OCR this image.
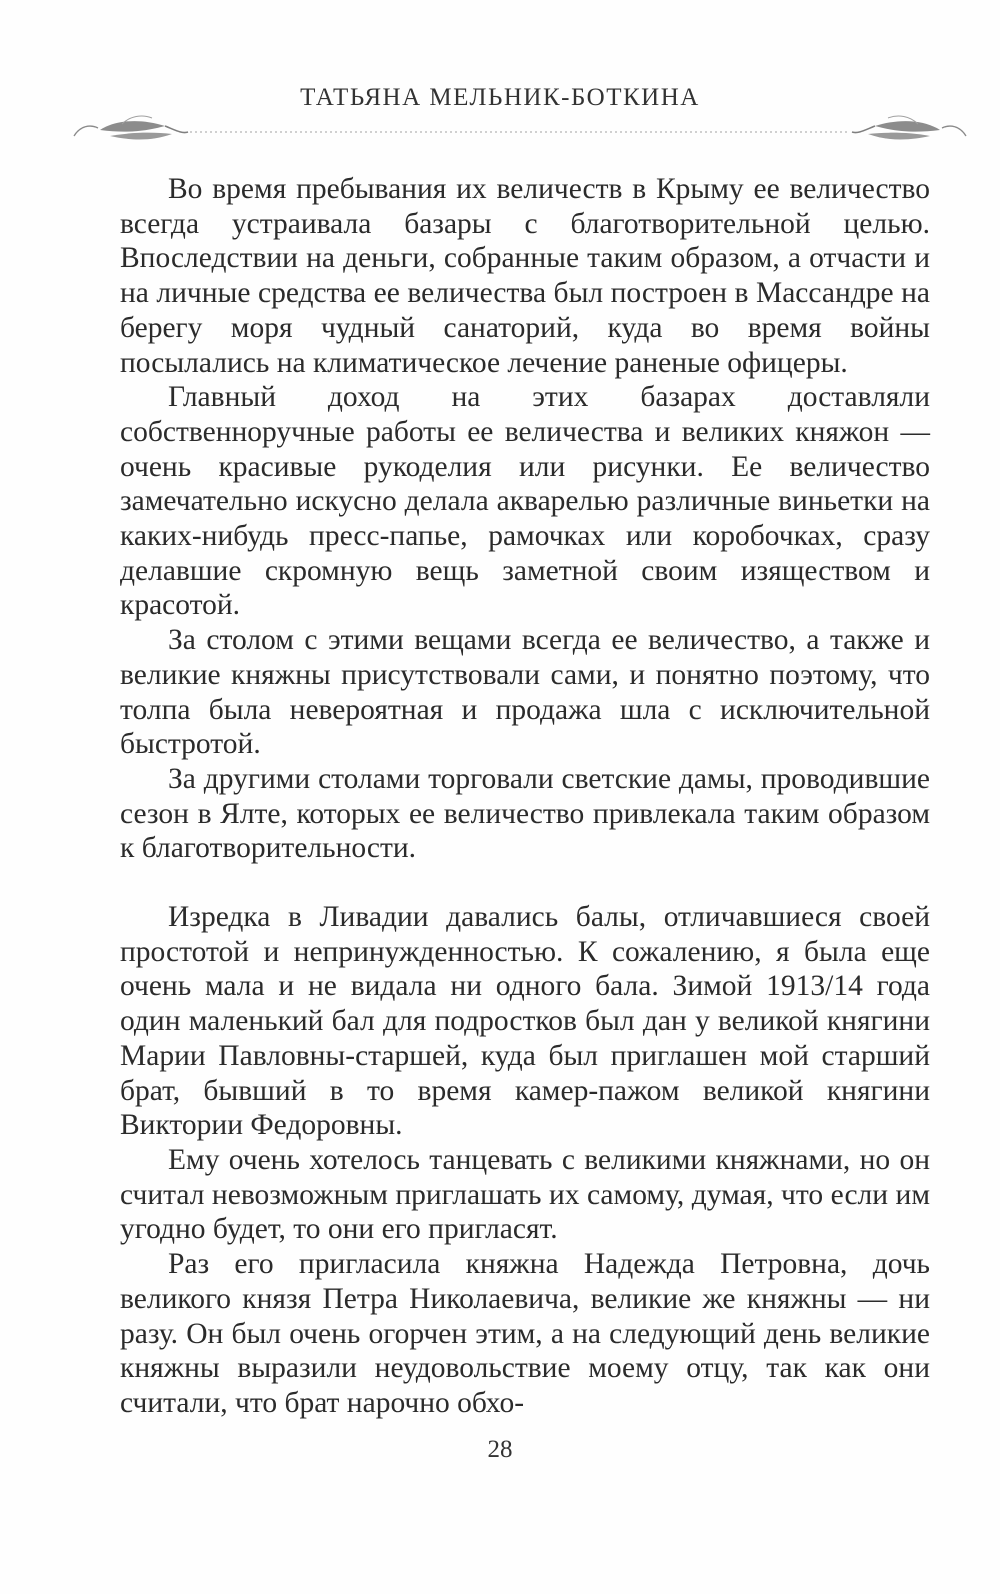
ТАТЬЯНА МЕЛЬНИК-БОТКИНА

Во время пребывания их величеств в Крыму ее величество всегда устраивала базары с благотворительной целью. Впоследствии на деньги, собранные таким образом, а отчасти и на личные средства ее величества был построен в Массандре на берегу моря чудный санаторий, куда во время войны посылались на климатическое лечение раненые офицеры.

Главный доход на этих базарах доставляли собственноручные работы ее величества и великих княжон — очень красивые рукоделия или рисунки. Ее величество замечательно искусно делала акварелью различные виньетки на каких-нибудь пресс-папье, рамочках или коробочках, сразу делавшие скромную вещь заметной своим изяществом и красотой.

За столом с этими вещами всегда ее величество, а также и великие княжны присутствовали сами, и понятно поэтому, что толпа была невероятная и продажа шла с исключительной быстротой.

За другими столами торговали светские дамы, проводившие сезон в Ялте, которых ее величество привлекала таким образом к благотворительности.

Изредка в Ливадии давались балы, отличавшиеся своей простотой и непринужденностью. К сожалению, я была еще очень мала и не видала ни одного бала. Зимой 1913/14 года один маленький бал для подростков был дан у великой княгини Марии Павловны-старшей, куда был приглашен мой старший брат, бывший в то время камер-пажом великой княгини Виктории Федоровны.

Ему очень хотелось танцевать с великими княжнами, но он считал невозможным приглашать их самому, думая, что если им угодно будет, то они его пригласят.

Раз его пригласила княжна Надежда Петровна, дочь великого князя Петра Николаевича, великие же княжны — ни разу. Он был очень огорчен этим, а на следующий день великие княжны выразили неудовольствие моему отцу, так как они считали, что брат нарочно обхо-

28
